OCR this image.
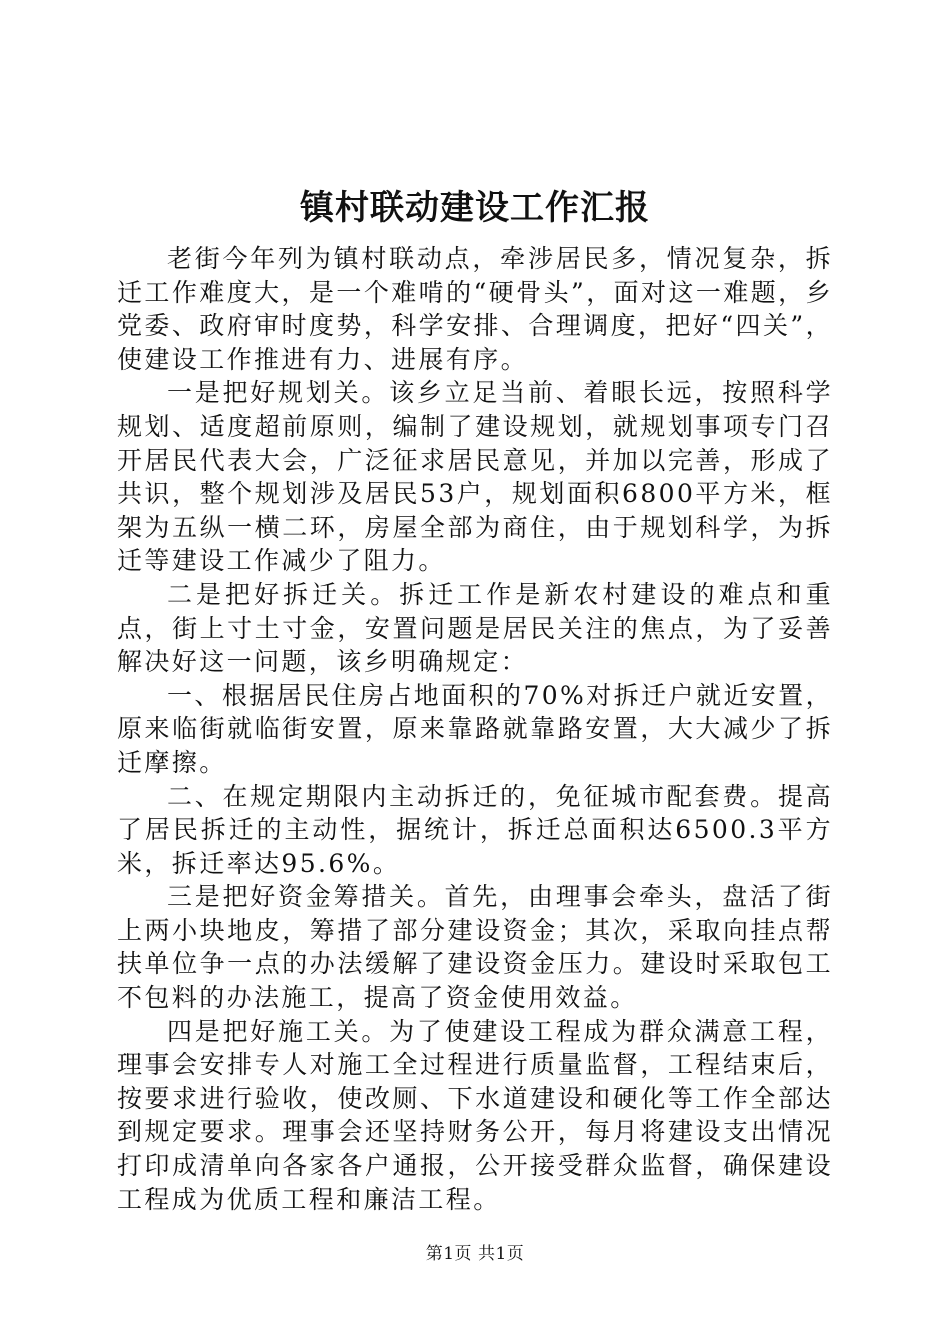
镇村联动建设工作汇报

老街今年列为镇村联动点，牵涉居民多，情况复杂，拆迁工作难度大，是一个难啃的“硬骨头”，面对这一难题，乡党委、政府审时度势，科学安排、合理调度，把好“四关”，使建设工作推进有力、进展有序。

一是把好规划关。该乡立足当前、着眼长远，按照科学规划、适度超前原则，编制了建设规划，就规划事项专门召开居民代表大会，广泛征求居民意见，并加以完善，形成了共识，整个规划涉及居民53户，规划面积6800平方米，框架为五纵一横二环，房屋全部为商住，由于规划科学，为拆迁等建设工作减少了阻力。

二是把好拆迁关。拆迁工作是新农村建设的难点和重点，街上寸土寸金，安置问题是居民关注的焦点，为了妥善解决好这一问题，该乡明确规定：

一、根据居民住房占地面积的70%对拆迁户就近安置，原来临街就临街安置，原来靠路就靠路安置，大大减少了拆迁摩擦。

二、在规定期限内主动拆迁的，免征城市配套费。提高了居民拆迁的主动性，据统计，拆迁总面积达6500.3平方米，拆迁率达95.6%。

三是把好资金筹措关。首先，由理事会牵头，盘活了街上两小块地皮，筹措了部分建设资金；其次，采取向挂点帮扶单位争一点的办法缓解了建设资金压力。建设时采取包工不包料的办法施工，提高了资金使用效益。

四是把好施工关。为了使建设工程成为群众满意工程，理事会安排专人对施工全过程进行质量监督，工程结束后，按要求进行验收，使改厕、下水道建设和硬化等工作全部达到规定要求。理事会还坚持财务公开，每月将建设支出情况打印成清单向各家各户通报，公开接受群众监督，确保建设工程成为优质工程和廉洁工程。

第1页 共1页
